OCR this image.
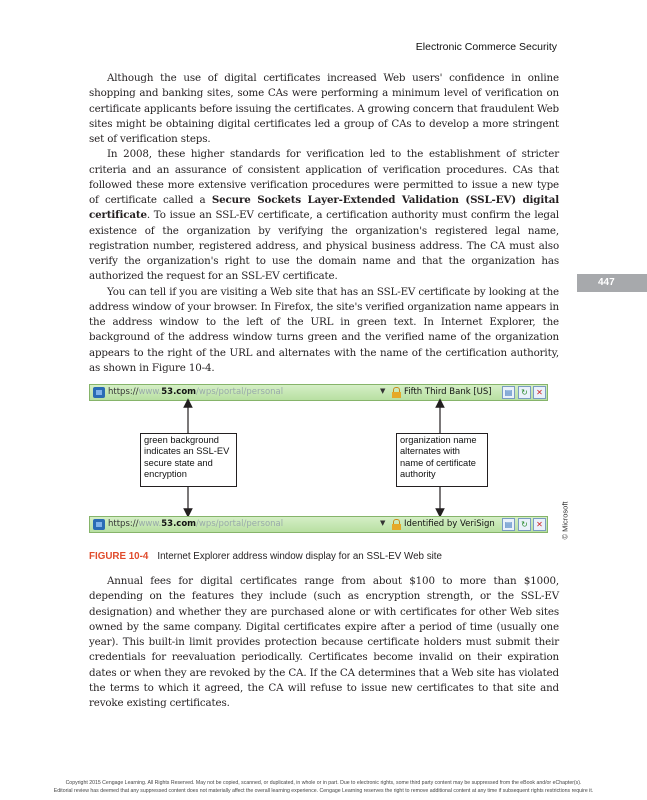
Electronic Commerce Security

Although the use of digital certificates increased Web users' confidence in online shopping and banking sites, some CAs were performing a minimum level of verification on certificate applicants before issuing the certificates. A growing concern that fraudulent Web sites might be obtaining digital certificates led a group of CAs to develop a more stringent set of verification steps.

In 2008, these higher standards for verification led to the establishment of stricter criteria and an assurance of consistent application of verification procedures. CAs that followed these more extensive verification procedures were permitted to issue a new type of certificate called a Secure Sockets Layer-Extended Validation (SSL-EV) digital certificate. To issue an SSL-EV certificate, a certification authority must confirm the legal existence of the organization by verifying the organization's registered legal name, registration number, registered address, and physical business address. The CA must also verify the organization's right to use the domain name and that the organization has authorized the request for an SSL-EV certificate.

You can tell if you are visiting a Web site that has an SSL-EV certificate by looking at the address window of your browser. In Firefox, the site's verified organization name appears in the address window to the left of the URL in green text. In Internet Explorer, the background of the address window turns green and the verified name of the organization appears to the right of the URL and alternates with the name of the certification authority, as shown in Figure 10-4.

447
https://www.53.com/wps/portal/personal	▼ Fifth Third Bank [US]	▤	↻	✕
green background
indicates an SSL-EV
secure state and
encryption
organization name
alternates with
name of certificate
authority
https://www.53.com/wps/portal/personal	▼ Identified by VeriSign	▤	↻	✕	© Microsoft
FIGURE 10-4 Internet Explorer address window display for an SSL-EV Web site

Annual fees for digital certificates range from about $100 to more than $1000, depending on the features they include (such as encryption strength, or the SSL-EV designation) and whether they are purchased alone or with certificates for other Web sites owned by the same company. Digital certificates expire after a period of time (usually one year). This built-in limit provides protection because certificate holders must submit their credentials for reevaluation periodically. Certificates become invalid on their expiration dates or when they are revoked by the CA. If the CA determines that a Web site has violated the terms to which it agreed, the CA will refuse to issue new certificates to that site and revoke existing certificates.

Copyright 2015 Cengage Learning. All Rights Reserved. May not be copied, scanned, or duplicated, in whole or in part. Due to electronic rights, some third party content may be suppressed from the eBook and/or eChapter(s).
Editorial review has deemed that any suppressed content does not materially affect the overall learning experience. Cengage Learning reserves the right to remove additional content at any time if subsequent rights restrictions require it.
